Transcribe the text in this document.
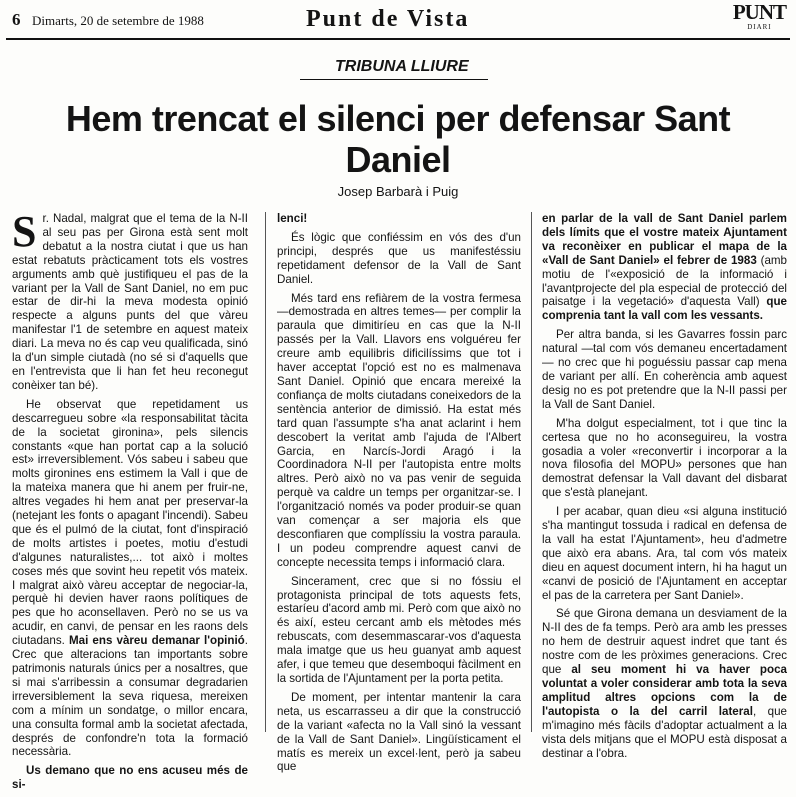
6 Dimarts, 20 de setembre de 1988	Punt de Vista	PUNT
DIARI
TRIBUNA LLIURE
Hem trencat el silenci per defensar Sant Daniel
Josep Barbarà i Puig

Sr. Nadal, malgrat que el tema de la N-II al seu pas per Girona està sent molt debatut a la nostra ciutat i que us han estat rebatuts pràcticament tots els vostres arguments amb què justifiqueu el pas de la variant per la Vall de Sant Daniel, no em puc estar de dir-hi la meva modesta opinió respecte a alguns punts del que vàreu manifestar l'1 de setembre en aquest mateix diari. La meva no és cap veu qualificada, sinó la d'un simple ciutadà (no sé si d'aquells que en l'entrevista que li han fet heu reconegut conèixer tan bé).

He observat que repetidament us descarregueu sobre «la responsabilitat tàcita de la societat gironina», pels silencis constants «que han portat cap a la solució est» irreversiblement. Vós sabeu i sabeu que molts gironines ens estimem la Vall i que de la mateixa manera que hi anem per fruir-ne, altres vegades hi hem anat per preservar-la (netejant les fonts o apagant l'incendi). Sabeu que és el pulmó de la ciutat, font d'inspiració de molts artistes i poetes, motiu d'estudi d'algunes naturalistes,... tot això i moltes coses més que sovint heu repetit vós mateix. I malgrat això vàreu acceptar de negociar-la, perquè hi devien haver raons polítiques de pes que ho aconsellaven. Però no se us va acudir, en canvi, de pensar en les raons dels ciutadans. Mai ens vàreu demanar l'opinió. Crec que alteracions tan importants sobre patrimonis naturals únics per a nosaltres, que si mai s'arribessin a consumar degradarien irreversiblement la seva riquesa, mereixen com a mínim un sondatge, o millor encara, una consulta formal amb la societat afectada, després de confondre'n tota la formació necessària.

Us demano que no ens acuseu més de si-

lenci!

És lògic que confiéssim en vós des d'un principi, després que us manifestéssiu repetidament defensor de la Vall de Sant Daniel.

Més tard ens refiàrem de la vostra fermesa —demostrada en altres temes— per complir la paraula que dimitiríeu en cas que la N-II passés per la Vall. Llavors ens volguéreu fer creure amb equilibris dificilíssims que tot i haver acceptat l'opció est no es malmenava Sant Daniel. Opinió que encara mereixé la confiança de molts ciutadans coneixedors de la sentència anterior de dimissió. Ha estat més tard quan l'assumpte s'ha anat aclarint i hem descobert la veritat amb l'ajuda de l'Albert Garcia, en Narcís-Jordi Aragó i la Coordinadora N-II per l'autopista entre molts altres. Però això no va pas venir de seguida perquè va caldre un temps per organitzar-se. I l'organització només va poder produir-se quan van començar a ser majoria els que desconfiaren que complíssiu la vostra paraula. I un podeu comprendre aquest canvi de concepte necessita temps i informació clara.

Sincerament, crec que si no fóssiu el protagonista principal de tots aquests fets, estaríeu d'acord amb mi. Però com que això no és així, esteu cercant amb els mètodes més rebuscats, com desemmascarar-vos d'aquesta mala imatge que us heu guanyat amb aquest afer, i que temeu que desemboqui fàcilment en la sortida de l'Ajuntament per la porta petita.

De moment, per intentar mantenir la cara neta, us escarrasseu a dir que la construcció de la variant «afecta no la Vall sinó la vessant de la Vall de Sant Daniel». Lingüísticament el matís es mereix un excel·lent, però ja sabeu que

en parlar de la vall de Sant Daniel parlem dels límits que el vostre mateix Ajuntament va reconèixer en publicar el mapa de la «Vall de Sant Daniel» el febrer de 1983 (amb motiu de l'«exposició de la informació i l'avantprojecte del pla especial de protecció del paisatge i la vegetació» d'aquesta Vall) que comprenia tant la vall com les vessants.

Per altra banda, si les Gavarres fossin parc natural —tal com vós demaneu encertadament— no crec que hi poguéssiu passar cap mena de variant per allí. En coherència amb aquest desig no es pot pretendre que la N-II passi per la Vall de Sant Daniel.

M'ha dolgut especialment, tot i que tinc la certesa que no ho aconseguireu, la vostra gosadia a voler «reconvertir i incorporar a la nova filosofia del MOPU» persones que han demostrat defensar la Vall davant del disbarat que s'està planejant.

I per acabar, quan dieu «si alguna institució s'ha mantingut tossuda i radical en defensa de la vall ha estat l'Ajuntament», heu d'admetre que això era abans. Ara, tal com vós mateix dieu en aquest document intern, hi ha hagut un «canvi de posició de l'Ajuntament en acceptar el pas de la carretera per Sant Daniel».

Sé que Girona demana un desviament de la N-II des de fa temps. Però ara amb les presses no hem de destruir aquest indret que tant és nostre com de les pròximes generacions. Crec que al seu moment hi va haver poca voluntat a voler considerar amb tota la seva amplitud altres opcions com la de l'autopista o la del carril lateral, que m'imagino més fàcils d'adoptar actualment a la vista dels mitjans que el MOPU està disposat a destinar a l'obra.
